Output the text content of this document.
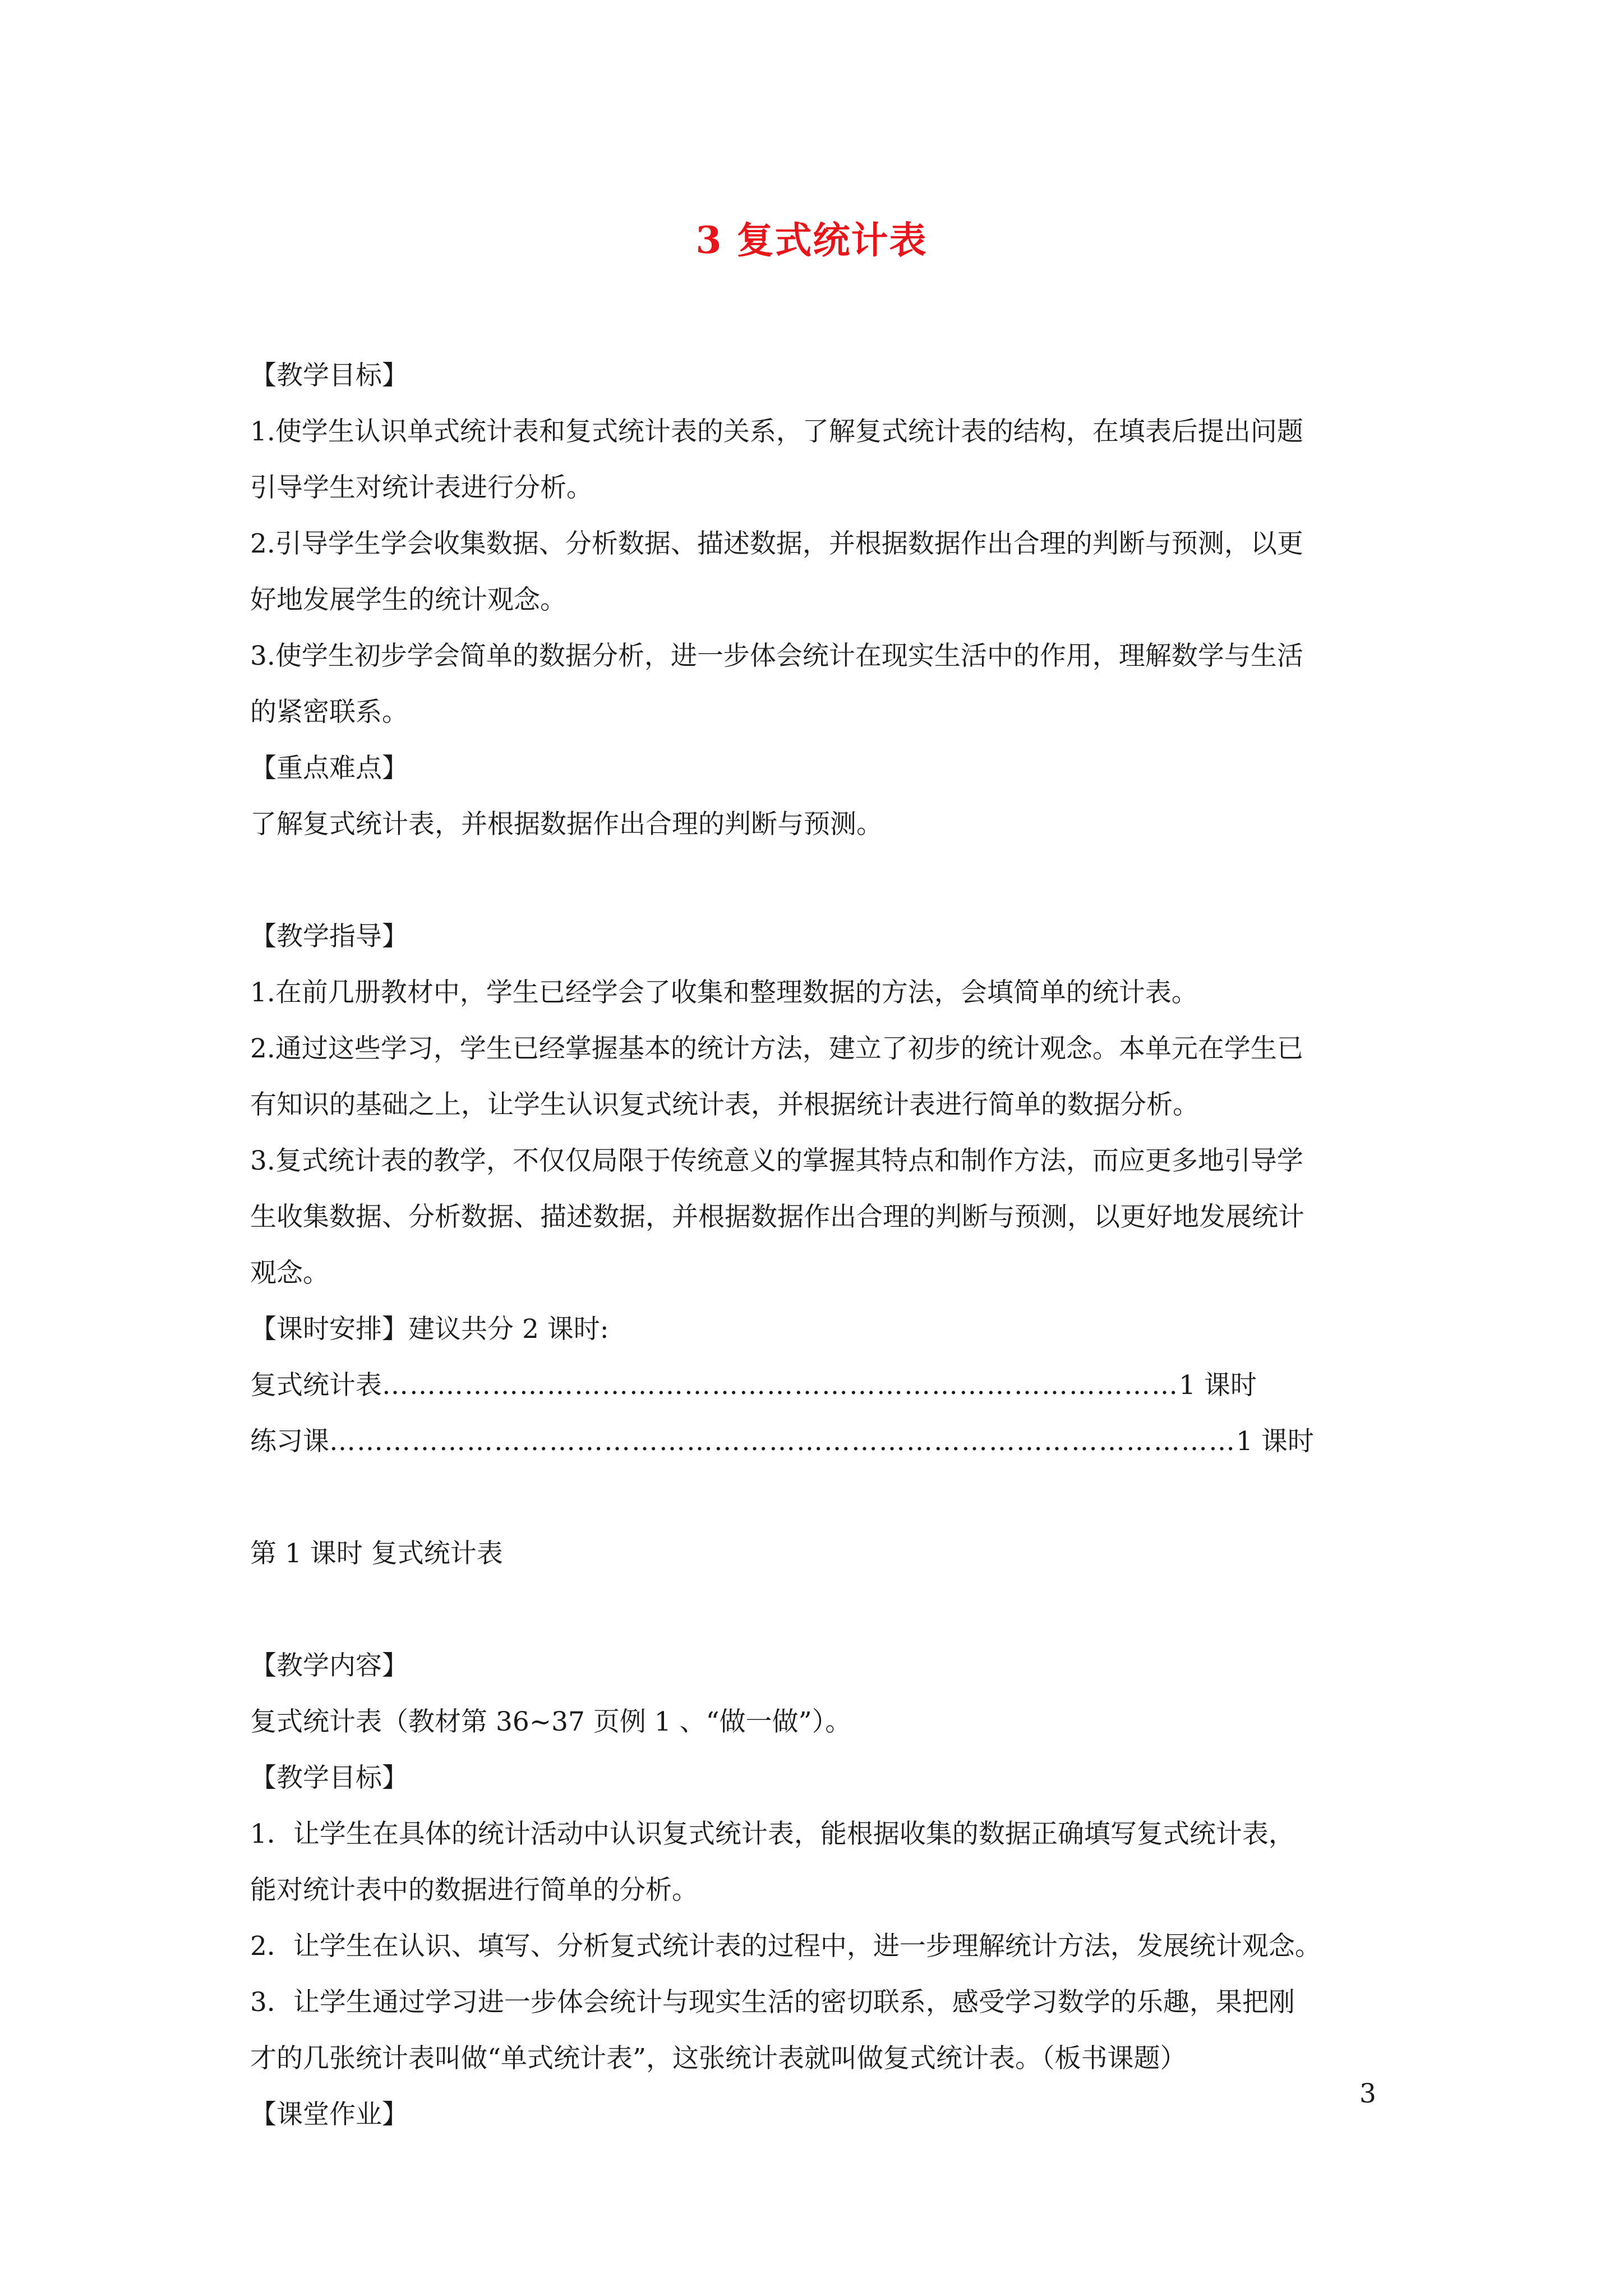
3 复式统计表
【教学目标】
1.使学生认识单式统计表和复式统计表的关系，了解复式统计表的结构，在填表后提出问题
引导学生对统计表进行分析。
2.引导学生学会收集数据、分析数据、描述数据，并根据数据作出合理的判断与预测，以更
好地发展学生的统计观念。
3.使学生初步学会简单的数据分析，进一步体会统计在现实生活中的作用，理解数学与生活
的紧密联系。
【重点难点】
了解复式统计表，并根据数据作出合理的判断与预测。
【教学指导】
1.在前几册教材中，学生已经学会了收集和整理数据的方法，会填简单的统计表。
2.通过这些学习，学生已经掌握基本的统计方法，建立了初步的统计观念。本单元在学生已
有知识的基础之上，让学生认识复式统计表，并根据统计表进行简单的数据分析。
3.复式统计表的教学，不仅仅局限于传统意义的掌握其特点和制作方法，而应更多地引导学
生收集数据、分析数据、描述数据，并根据数据作出合理的判断与预测，以更好地发展统计
观念。
【课时安排】建议共分 2 课时:
复式统计表 …………………………………………………………………………… 1 课时
练习课 ……………………………………………………………………………………… 1 课时
第 1 课时 复式统计表
【教学内容】
复式统计表（教材第 36~37 页例 1 、“做一做”）。
【教学目标】
1．让学生在具体的统计活动中认识复式统计表，能根据收集的数据正确填写复式统计表，
能对统计表中的数据进行简单的分析。
2．让学生在认识、填写、分析复式统计表的过程中，进一步理解统计方法，发展统计观念。
3．让学生通过学习进一步体会统计与现实生活的密切联系，感受学习数学的乐趣，果把刚
才的几张统计表叫做“单式统计表”，这张统计表就叫做复式统计表。（板书课题）
【课堂作业】
3
